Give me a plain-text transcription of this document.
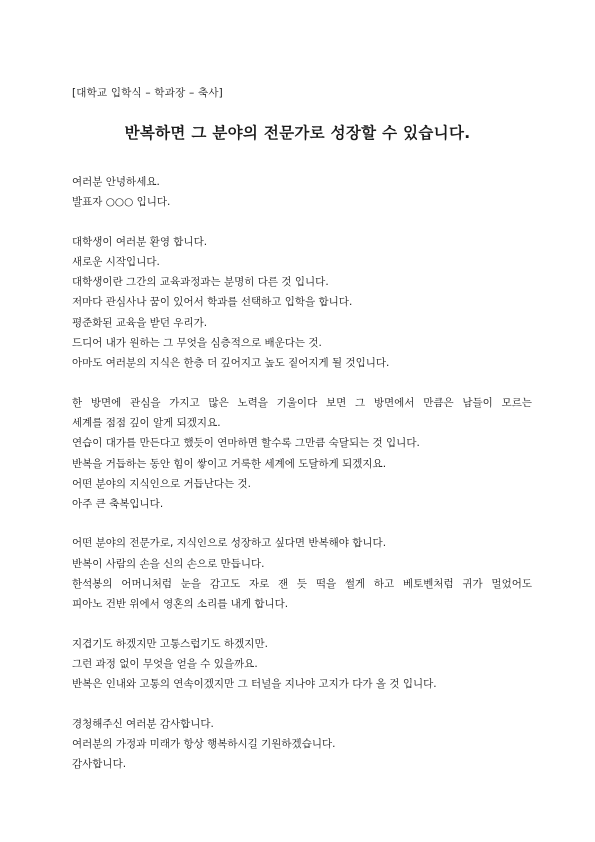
[대학교 입학식 – 학과장 – 축사]
반복하면 그 분야의 전문가로 성장할 수 있습니다.
여러분 안녕하세요.
발표자 ○○○ 입니다.
대학생이 여러분 환영 합니다.
새로운 시작입니다.
대학생이란 그간의 교육과정과는 분명히 다른 것 입니다.
저마다 관심사나 꿈이 있어서 학과를 선택하고 입학을 합니다.
평준화된 교육을 받던 우리가.
드디어 내가 원하는 그 무엇을 심층적으로 배운다는 것.
아마도 여러분의 지식은 한층 더 깊어지고 높도 짙어지게 될 것입니다.
한 방면에 관심을 가지고 많은 노력을 기울이다 보면 그 방면에서 만큼은 남들이 모르는
세계를 점점 깊이 알게 되겠지요.
연습이 대가를 만든다고 했듯이 연마하면 할수록 그만큼 숙달되는 것 입니다.
반복을 거듭하는 동안 힘이 쌓이고 거룩한 세계에 도달하게 되겠지요.
어떤 분야의 지식인으로 거듭난다는 것.
아주 큰 축복입니다.
어떤 분야의 전문가로, 지식인으로 성장하고 싶다면 반복해야 합니다.
반복이 사람의 손을 신의 손으로 만듭니다.
한석봉의 어머니처럼 눈을 감고도 자로 잰 듯 떡을 썰게 하고 베토벤처럼 귀가 멀었어도
피아노 건반 위에서 영혼의 소리를 내게 합니다.
지겹기도 하겠지만 고통스럽기도 하겠지만.
그런 과정 없이 무엇을 얻을 수 있을까요.
반복은 인내와 고통의 연속이겠지만 그 터널을 지나야 고지가 다가 올 것 입니다.
경청해주신 여러분 감사합니다.
여러분의 가정과 미래가 항상 행복하시길 기원하겠습니다.
감사합니다.
